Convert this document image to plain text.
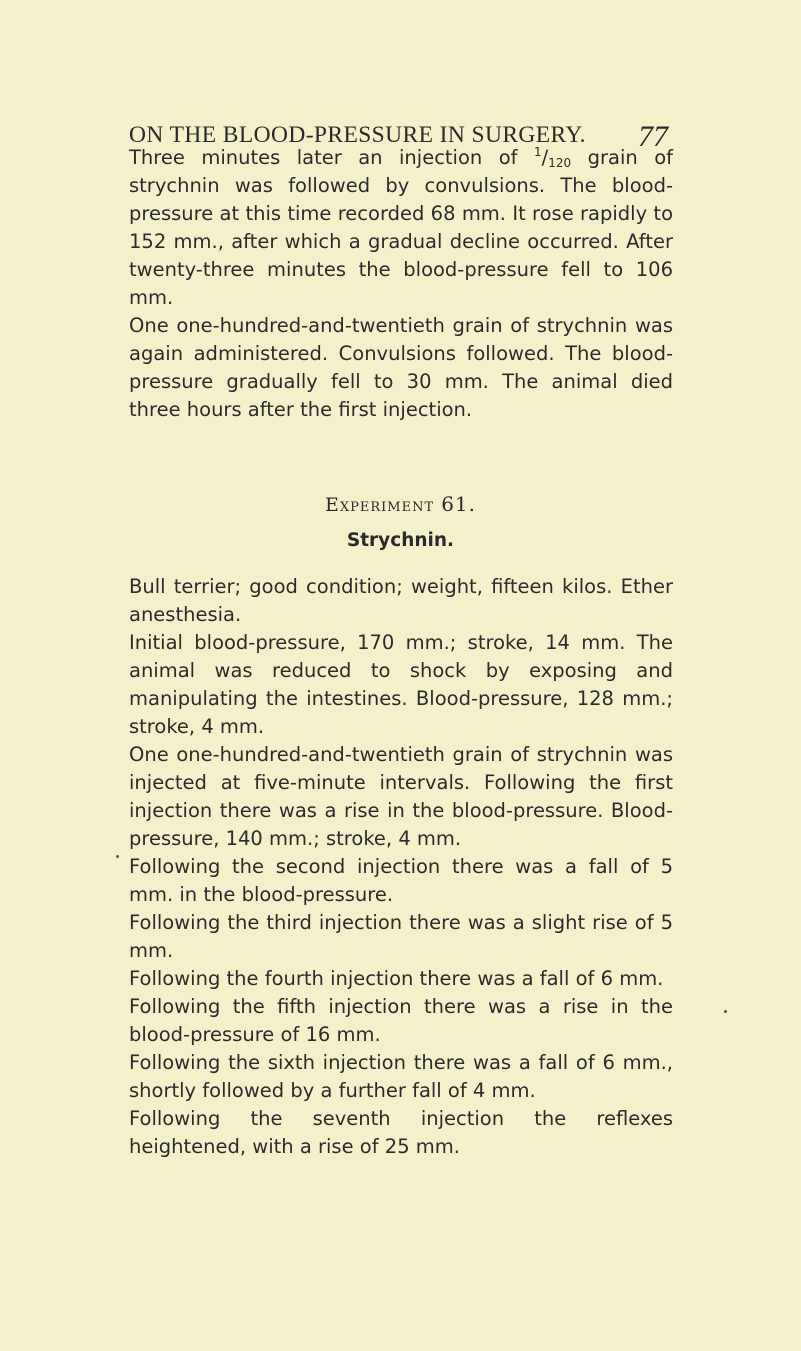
ON THE BLOOD-PRESSURE IN SURGERY. 77

Three minutes later an injection of $^1/_{120}$ grain of strychnin was followed by convulsions. The blood-pressure at this time recorded 68 mm. It rose rapidly to 152 mm., after which a gradual decline occurred. After twenty-three minutes the blood-pressure fell to 106 mm.

One one-hundred-and-twentieth grain of strychnin was again administered. Convulsions followed. The blood-pressure gradually fell to 30 mm. The animal died three hours after the first injection.

Experiment 61.
Strychnin.

Bull terrier; good condition; weight, fifteen kilos. Ether anesthesia.

Initial blood-pressure, 170 mm.; stroke, 14 mm. The animal was reduced to shock by exposing and manipulating the intestines. Blood-pressure, 128 mm.; stroke, 4 mm.

One one-hundred-and-twentieth grain of strychnin was injected at five-minute intervals. Following the first injection there was a rise in the blood-pressure. Blood-pressure, 140 mm.; stroke, 4 mm.

Following the second injection there was a fall of 5 mm. in the blood-pressure.

Following the third injection there was a slight rise of 5 mm.

Following the fourth injection there was a fall of 6 mm.

Following the fifth injection there was a rise in the blood-pressure of 16 mm.

Following the sixth injection there was a fall of 6 mm., shortly followed by a further fall of 4 mm.

Following the seventh injection the reflexes heightened, with a rise of 25 mm.
